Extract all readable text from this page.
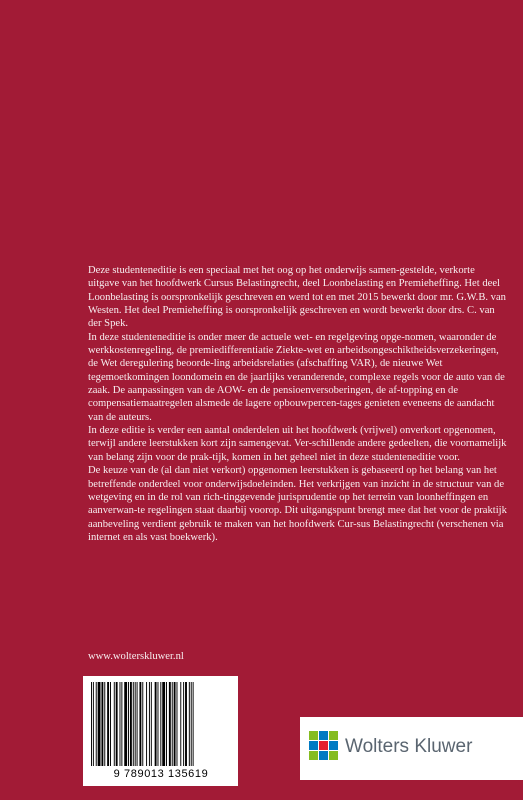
Deze studenteneditie is een speciaal met het oog op het onderwijs samen-gestelde, verkorte uitgave van het hoofdwerk Cursus Belastingrecht, deel Loonbelasting en Premieheffing. Het deel Loonbelasting is oorspronkelijk geschreven en werd tot en met 2015 bewerkt door mr. G.W.B. van Westen. Het deel Premieheffing is oorspronkelijk geschreven en wordt bewerkt door drs. C. van der Spek.

In deze studenteneditie is onder meer de actuele wet- en regelgeving opge-nomen, waaronder de werkkostenregeling, de premiedifferentiatie Ziekte-wet en arbeidsongeschiktheidsverzekeringen, de Wet deregulering beoorde-ling arbeidsrelaties (afschaffing VAR), de nieuwe Wet tegemoetkomingen loondomein en de jaarlijks veranderende, complexe regels voor de auto van de zaak. De aanpassingen van de AOW- en de pensioenversoberingen, de af-topping en de compensatiemaatregelen alsmede de lagere opbouwpercen-tages genieten eveneens de aandacht van de auteurs.

In deze editie is verder een aantal onderdelen uit het hoofdwerk (vrijwel) onverkort opgenomen, terwijl andere leerstukken kort zijn samengevat. Ver-schillende andere gedeelten, die voornamelijk van belang zijn voor de prak-tijk, komen in het geheel niet in deze studenteneditie voor.

De keuze van de (al dan niet verkort) opgenomen leerstukken is gebaseerd op het belang van het betreffende onderdeel voor onderwijsdoeleinden. Het verkrijgen van inzicht in de structuur van de wetgeving en in de rol van rich-tinggevende jurisprudentie op het terrein van loonheffingen en aanverwan-te regelingen staat daarbij voorop. Dit uitgangspunt brengt mee dat het voor de praktijk aanbeveling verdient gebruik te maken van het hoofdwerk Cur-sus Belastingrecht (verschenen via internet en als vast boekwerk).

www.wolterskluwer.nl
9 789013 135619
Wolters Kluwer
